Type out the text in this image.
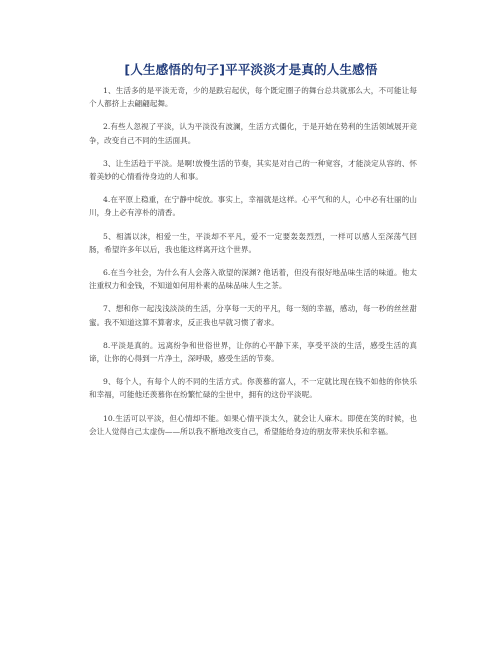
[人生感悟的句子]平平淡淡才是真的人生感悟

1、生活多的是平淡无奇，少的是跌宕起伏，每个既定圈子的舞台总共就那么大，不可能让每个人都挤上去翩翩起舞。

2.有些人忽视了平淡，认为平淡没有波澜，生活方式僵化，于是开始在势利的生活领域展开竞争，改变自己不同的生活面具。

3、让生活趋于平淡。是啊!放慢生活的节奏，其实是对自己的一种宽容，才能淡定从容的、怀着美妙的心情看待身边的人和事。

4.在平原上稳重，在宁静中绽放。事实上，幸福就是这样。心平气和的人，心中必有壮丽的山川，身上必有淳朴的清香。

5、相濡以沫，相爱一生，平淡却不平凡，爱不一定要轰轰烈烈，一样可以感人至深荡气回肠，希望许多年以后，我也能这样离开这个世界。

6.在当今社会，为什么有人会落入欲望的深渊? 他话着，但没有很好地品味生活的味道。他太注重权力和金钱，不知道如何用朴素的品味品味人生之茶。

7、想和你一起浅浅淡淡的生活，分享每一天的平凡，每一刻的幸福，感动，每一秒的丝丝甜蜜。我不知道这算不算奢求，反正我也早就习惯了奢求。

8.平淡是真的。远离纷争和世俗世界，让你的心平静下来，享受平淡的生活，感受生活的真谛，让你的心得到一片净土，深呼吸，感受生活的节奏。

9、每个人，有每个人的不同的生活方式。你羡慕的富人，不一定就比现在钱不如他的你快乐和幸福，可能他还羡慕你在纷繁忙碌的尘世中，拥有的这份平淡呢。

10.生活可以平淡，但心情却不能。如果心情平淡太久，就会让人麻木。即使在笑的时候，也会让人觉得自己太虚伪——所以我不断地改变自己，希望能给身边的朋友带来快乐和幸福。
